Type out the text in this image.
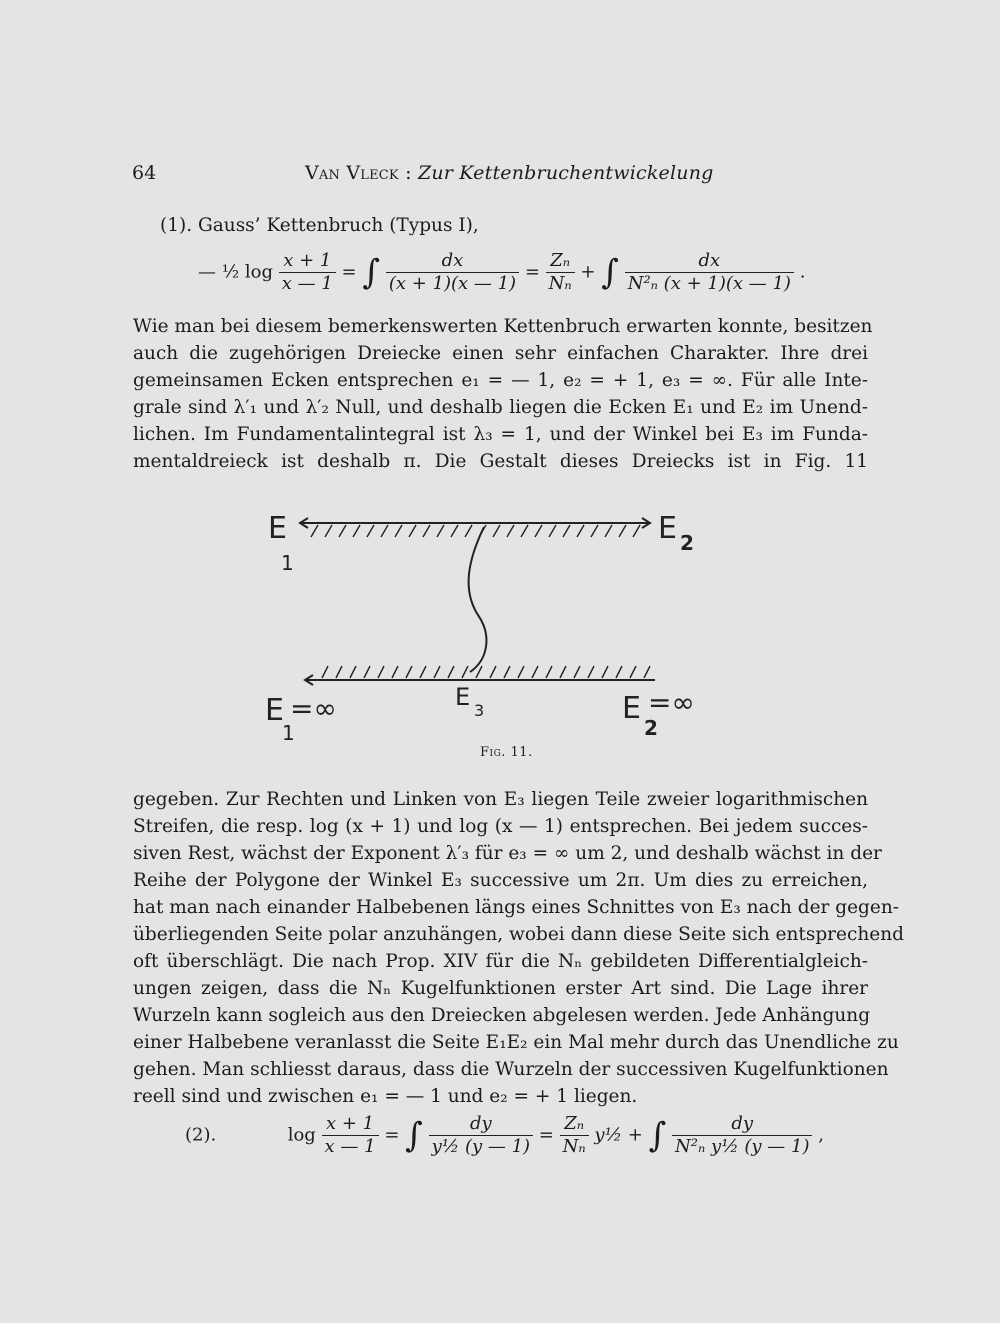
64	Van Vleck : Zur Kettenbruchentwickelung
(1). Gauss’ Kettenbruch (Typus I),
— ½ $\log \frac{x + 1}{x — 1}$ = ∫ $\frac{dx}{(x + 1)(x — 1)} = \frac{\text{Zₙ}}{\text{Nₙ}}$ + ∫ $\frac{dx}{\text{N²ₙ (x + 1)(x — 1)}}$ .
Wie man bei diesem bemerkenswerten Kettenbruch erwarten konnte, besitzen
auch die zugehörigen Dreiecke einen sehr einfachen Charakter. Ihre drei
gemeinsamen Ecken entsprechen e₁ = — 1, e₂ = + 1, e₃ = ∞. Für alle Inte-
grale sind λ′₁ und λ′₂ Null, und deshalb liegen die Ecken E₁ und E₂ im Unend-
lichen. Im Fundamentalintegral ist λ₃ = 1, und der Winkel bei E₃ im Funda-
mentaldreieck ist deshalb π. Die Gestalt dieses Dreiecks ist in Fig. 11
E
1
E 2
E
1
=∞	E 3	E
2
=∞
Fig. 11.
gegeben. Zur Rechten und Linken von E₃ liegen Teile zweier logarithmischen
Streifen, die resp. log (x + 1) und log (x — 1) entsprechen. Bei jedem succes-
siven Rest, wächst der Exponent λ′₃ für e₃ = ∞ um 2, und deshalb wächst in der
Reihe der Polygone der Winkel E₃ successive um 2π. Um dies zu erreichen,
hat man nach einander Halbebenen längs eines Schnittes von E₃ nach der gegen-
überliegenden Seite polar anzuhängen, wobei dann diese Seite sich entsprechend
oft überschlägt. Die nach Prop. XIV für die Nₙ gebildeten Differentialgleich-
ungen zeigen, dass die Nₙ Kugelfunktionen erster Art sind. Die Lage ihrer
Wurzeln kann sogleich aus den Dreiecken abgelesen werden. Jede Anhängung
einer Halbebene veranlasst die Seite E₁E₂ ein Mal mehr durch das Unendliche zu
gehen. Man schliesst daraus, dass die Wurzeln der successiven Kugelfunktionen
reell sind und zwischen e₁ = — 1 und e₂ = + 1 liegen.
(2).	$\log \frac{x + 1}{x — 1}$ = ∫ $\frac{dy}{\text{y½ (y — 1)}} = \frac{\text{Zₙ}}{\text{Nₙ}}$ y½ + ∫ $\frac{dy}{\text{N²ₙ y½ (y — 1)}}$ ,
